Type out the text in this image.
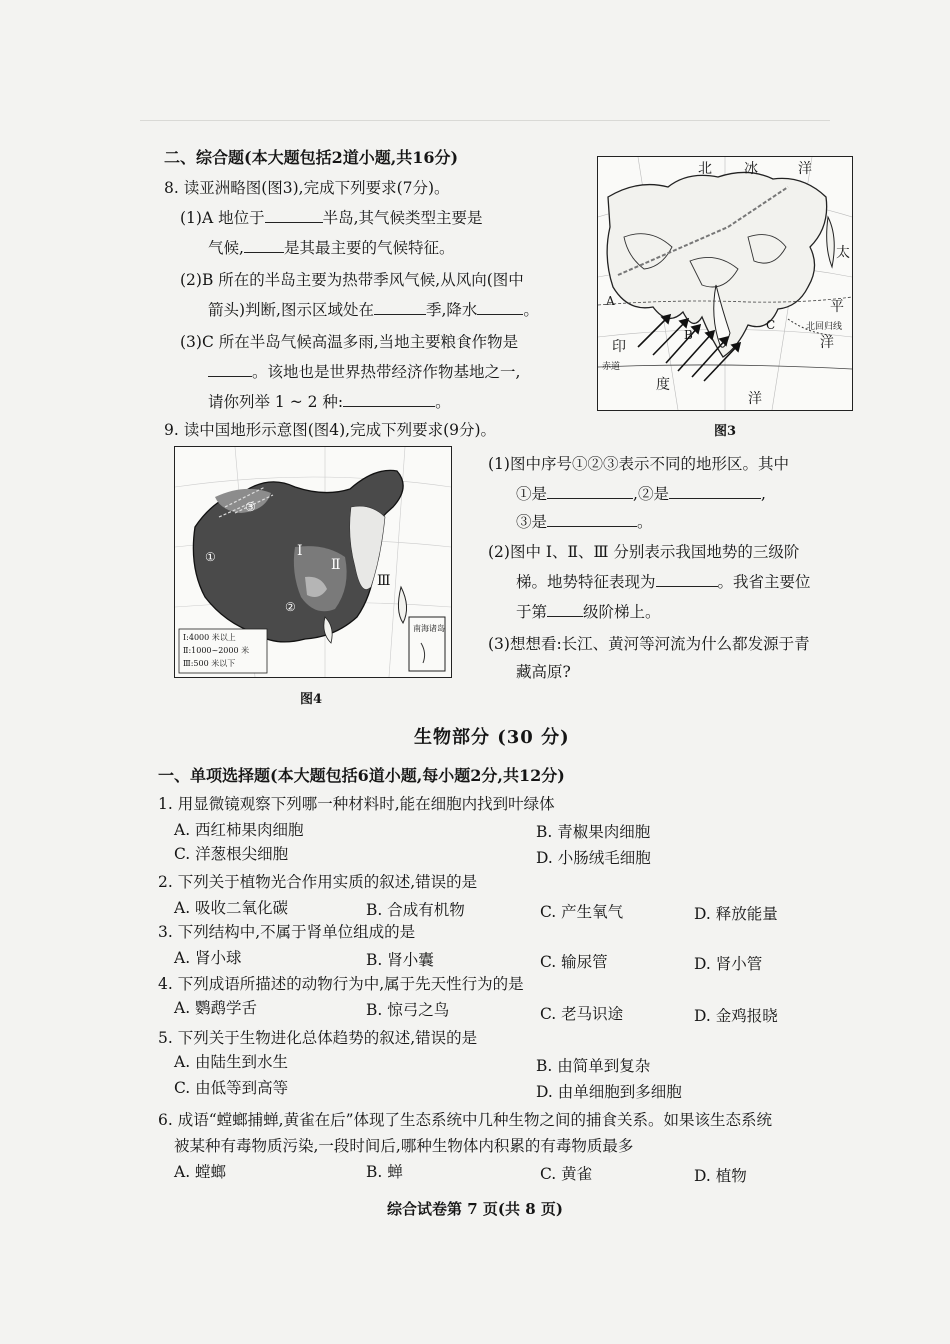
二、综合题(本大题包括2道小题,共16分)
8. 读亚洲略图(图3),完成下列要求(7分)。
(1)A 地位于	半岛,其气候类型主要是
气候,	是其最主要的气候特征。
(2)B 所在的半岛主要为热带季风气候,从风向(图中
箭头)判断,图示区域处在	季,降水	。
(3)C 所在半岛气候高温多雨,当地主要粮食作物是
。该地也是世界热带经济作物基地之一,
请你列举 1 ~ 2 种:	。
北 冰	洋
太
平
洋
印
度
洋
A
B
C
赤道
北回归线
图3
9. 读中国地形示意图(图4),完成下列要求(9分)。
Ⅰ
Ⅱ
Ⅲ
①
②
③
南海诸岛
Ⅰ:4000 米以上
Ⅱ:1000~2000 米
Ⅲ:500 米以下
图4
(1)图中序号①②③表示不同的地形区。其中
①是	,②是	,
③是	。
(2)图中 Ⅰ、Ⅱ、Ⅲ 分别表示我国地势的三级阶
梯。地势特征表现为	。我省主要位
于第 级阶梯上。
(3)想想看:长江、黄河等河流为什么都发源于青
藏高原?
生物部分 (30 分)
一、单项选择题(本大题包括6道小题,每小题2分,共12分)
1. 用显微镜观察下列哪一种材料时,能在细胞内找到叶绿体
A. 西红柿果肉细胞	B. 青椒果肉细胞
C. 洋葱根尖细胞	D. 小肠绒毛细胞
2. 下列关于植物光合作用实质的叙述,错误的是
A. 吸收二氧化碳	B. 合成有机物	C. 产生氧气	D. 释放能量
3. 下列结构中,不属于肾单位组成的是
A. 肾小球	B. 肾小囊	C. 输尿管	D. 肾小管
4. 下列成语所描述的动物行为中,属于先天性行为的是
A. 鹦鹉学舌	B. 惊弓之鸟	C. 老马识途	D. 金鸡报晓
5. 下列关于生物进化总体趋势的叙述,错误的是
A. 由陆生到水生	B. 由简单到复杂
C. 由低等到高等	D. 由单细胞到多细胞
6. 成语“螳螂捕蝉,黄雀在后”体现了生态系统中几种生物之间的捕食关系。如果该生态系统
被某种有毒物质污染,一段时间后,哪种生物体内积累的有毒物质最多
A. 螳螂	B. 蝉	C. 黄雀	D. 植物
综合试卷第 7 页(共 8 页)
